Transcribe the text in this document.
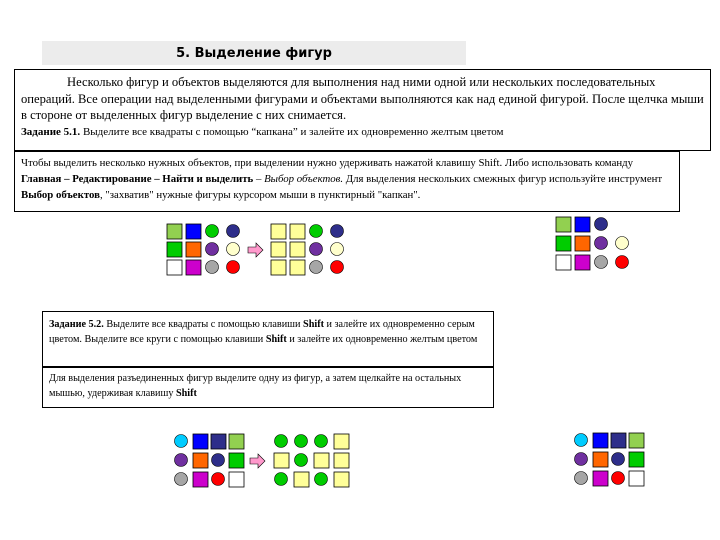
5. Выделение фигур
Несколько фигур и объектов выделяются для выполнения над ними одной или нескольких последовательных операций. Все операции над выделенными фигурами и объектами выполняются как над единой фигурой. После щелчка мыши в стороне от выделенных фигур выделение с них снимается.
Задание 5.1. Выделите все квадраты с помощью “капкана” и залейте их одновременно желтым цветом
Чтобы выделить несколько нужных объектов, при выделении нужно удерживать нажатой клавишу Shift. Либо использовать команду Главная – Редактирование – Найти и выделить – Выбор объектов. Для выделения нескольких смежных фигур используйте инструмент Выбор объектов, "захватив" нужные фигуры курсором мыши в пунктирный "капкан".
Задание 5.2. Выделите все квадраты с помощью клавиши Shift и залейте их одновременно серым цветом. Выделите все круги с помощью клавиши Shift и залейте их одновременно желтым цветом
Для выделения разъединенных фигур выделите одну из фигур, а затем щелкайте на остальных мышью, удерживая клавишу Shift
